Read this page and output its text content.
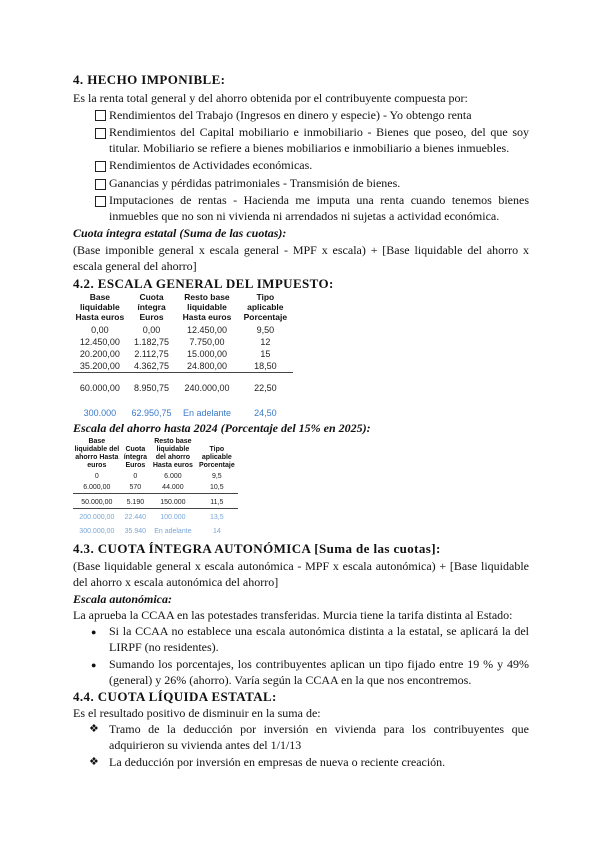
4. HECHO IMPONIBLE:
Es la renta total general y del ahorro obtenida por el contribuyente compuesta por:
Rendimientos del Trabajo (Ingresos en dinero y especie) - Yo obtengo renta
Rendimientos del Capital mobiliario e inmobiliario - Bienes que poseo, del que soy titular. Mobiliario se refiere a bienes mobiliarios e inmobiliario a bienes inmuebles.
Rendimientos de Actividades económicas.
Ganancias y pérdidas patrimoniales - Transmisión de bienes.
Imputaciones de rentas - Hacienda me imputa una renta cuando tenemos bienes inmuebles que no son ni vivienda ni arrendados ni sujetas a actividad económica.
Cuota íntegra estatal (Suma de las cuotas):
(Base imponible general x escala general - MPF x escala) + [Base liquidable del ahorro x escala general del ahorro]
4.2. ESCALA GENERAL DEL IMPUESTO:
Base liquidable Hasta euros	Cuota íntegra Euros	Resto base liquidable Hasta euros	Tipo aplicable Porcentaje
0,00	0,00	12.450,00	9,50
12.450,00	1.182,75	7.750,00	12
20.200,00	2.112,75	15.000,00	15
35.200,00	4.362,75	24.800,00	18,50
60.000,00	8.950,75	240.000,00	22,50
300.000	62.950,75	En adelante	24,50
Escala del ahorro hasta 2024 (Porcentaje del 15% en 2025):
Base liquidable del ahorro Hasta euros	Cuota íntegra Euros	Resto base liquidable del ahorro Hasta euros	Tipo aplicable Porcentaje
0	0	6.000	9,5
6.000,00	570	44.000	10,5
50.000,00	5.190	150.000	11,5
200.000,00	22.440	100.000	13,5
300.000,00	35.940	En adelante	14
4.3. CUOTA ÍNTEGRA AUTONÓMICA [Suma de las cuotas]:
(Base liquidable general x escala autonómica - MPF x escala autonómica) + [Base liquidable del ahorro x escala autonómica del ahorro]
Escala autonómica:
La aprueba la CCAA en las potestades transferidas. Murcia tiene la tarifa distinta al Estado:
● Si la CCAA no establece una escala autonómica distinta a la estatal, se aplicará la del LIRPF (no residentes).
● Sumando los porcentajes, los contribuyentes aplican un tipo fijado entre 19 % y 49% (general) y 26% (ahorro). Varía según la CCAA en la que nos encontremos.
4.4. CUOTA LÍQUIDA ESTATAL:
Es el resultado positivo de disminuir en la suma de:
❖ Tramo de la deducción por inversión en vivienda para los contribuyentes que adquirieron su vivienda antes del 1/1/13
❖ La deducción por inversión en empresas de nueva o reciente creación.
